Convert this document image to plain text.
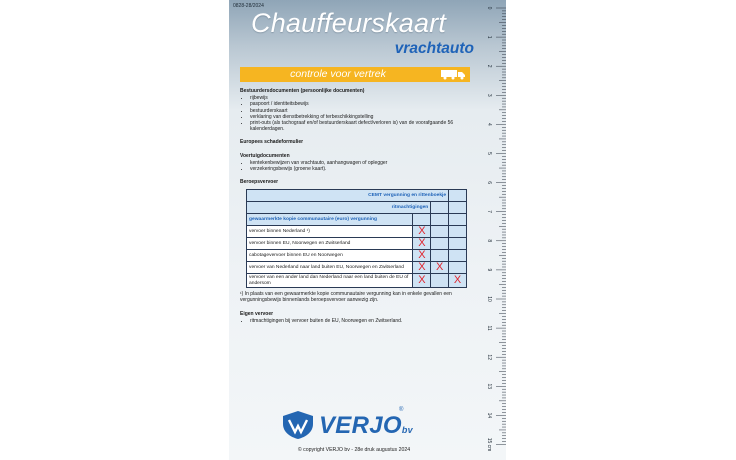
0828-28/2024
Chauffeurskaart
vrachtauto
controle voor vertrek
Bestuurdersdocumenten (persoonlijke documenten)
• rijbewijs
• paspoort / identiteitsbewijs
• bestuurderskaart
• verklaring van dienstbetrekking of terbeschikkingstelling
• print-outs (als tachograaf en/of bestuurderskaart defect/verloren is) van de voorafgaande 56 kalenderdagen.
Europees schadeformulier
Voertuigdocumenten
• kentekenbewijzen van vrachtauto, aanhangwagen of oplegger
• verzekeringsbewijs (groene kaart).
Beroepsvervoer
CEMT vergunning en rittenboekje			
ritmachtigingen			
gewaarmerkte kopie communautaire (euro) vergunning			
vervoer binnen Nederland ¹)	X		
vervoer binnen EU, Noorwegen en Zwitserland	X		
cabotagevervoer binnen EU en Noorwegen	X		
vervoer van Nederland naar land buiten EU, Noorwegen en Zwitserland	X	X	
vervoer van een ander land dan Nederland naar een land buiten de EU of andersom	X		X
¹) In plaats van een gewaarmerkte kopie communautaire vergunning kan in enkele gevallen een vergunningsbewijs binnenlands beroepsvervoer aanwezig zijn.
Eigen vervoer
• ritmachtigingen bij vervoer buiten de EU, Noorwegen en Zwitserland.
VERJObv
®
© copyright VERJO bv - 28e druk augustus 2024
0
1
2
3
4
5
6
7
8
9
10
11
12
13
14
15 cm
